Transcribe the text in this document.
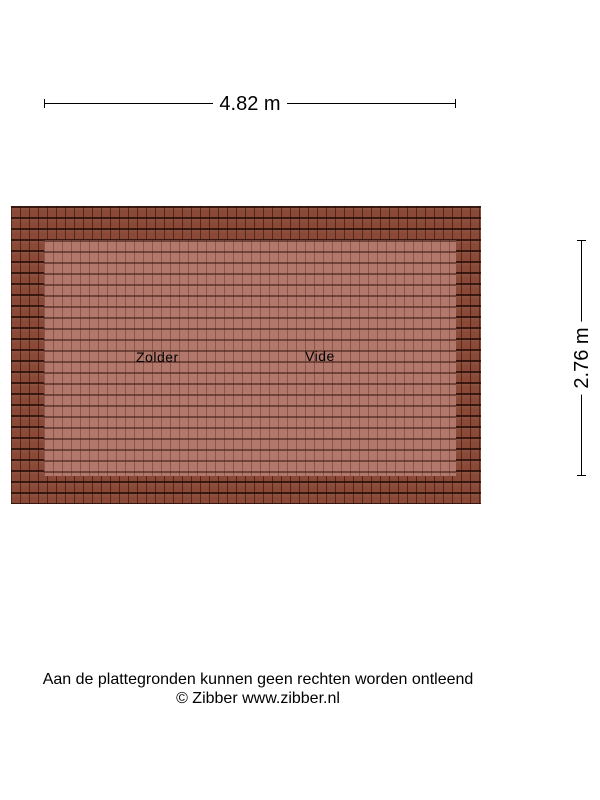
4.82 m
2.76 m
Zolder	Vide
Aan de plattegronden kunnen geen rechten worden ontleend
© Zibber www.zibber.nl
